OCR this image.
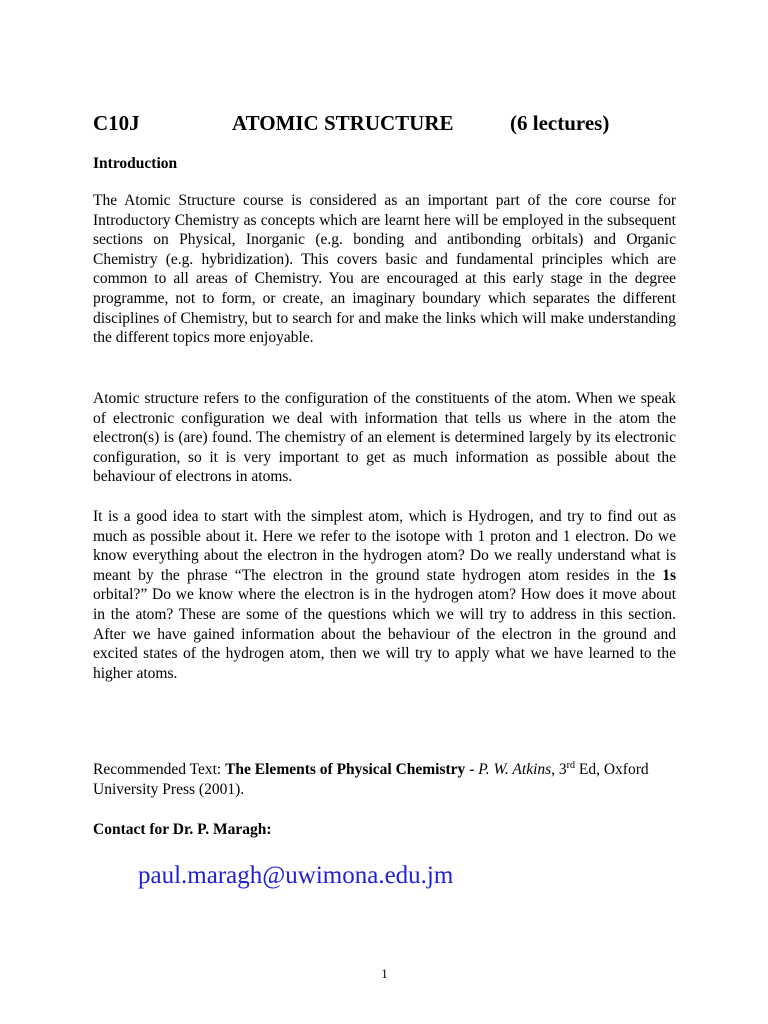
C10J	ATOMIC STRUCTURE	(6 lectures)
Introduction

The Atomic Structure course is considered as an important part of the core course for Introductory Chemistry as concepts which are learnt here will be employed in the subsequent sections on Physical, Inorganic (e.g. bonding and antibonding orbitals) and Organic Chemistry (e.g. hybridization). This covers basic and fundamental principles which are common to all areas of Chemistry. You are encouraged at this early stage in the degree programme, not to form, or create, an imaginary boundary which separates the different disciplines of Chemistry, but to search for and make the links which will make understanding the different topics more enjoyable.

Atomic structure refers to the configuration of the constituents of the atom. When we speak of electronic configuration we deal with information that tells us where in the atom the electron(s) is (are) found. The chemistry of an element is determined largely by its electronic configuration, so it is very important to get as much information as possible about the behaviour of electrons in atoms.

It is a good idea to start with the simplest atom, which is Hydrogen, and try to find out as much as possible about it. Here we refer to the isotope with 1 proton and 1 electron. Do we know everything about the electron in the hydrogen atom? Do we really understand what is meant by the phrase “The electron in the ground state hydrogen atom resides in the 1s orbital?” Do we know where the electron is in the hydrogen atom? How does it move about in the atom? These are some of the questions which we will try to address in this section. After we have gained information about the behaviour of the electron in the ground and excited states of the hydrogen atom, then we will try to apply what we have learned to the higher atoms.

Recommended Text: The Elements of Physical Chemistry - P. W. Atkins, 3rd Ed, Oxford University Press (2001).
Contact for Dr. P. Maragh:
paul.maragh@uwimona.edu.jm
1
